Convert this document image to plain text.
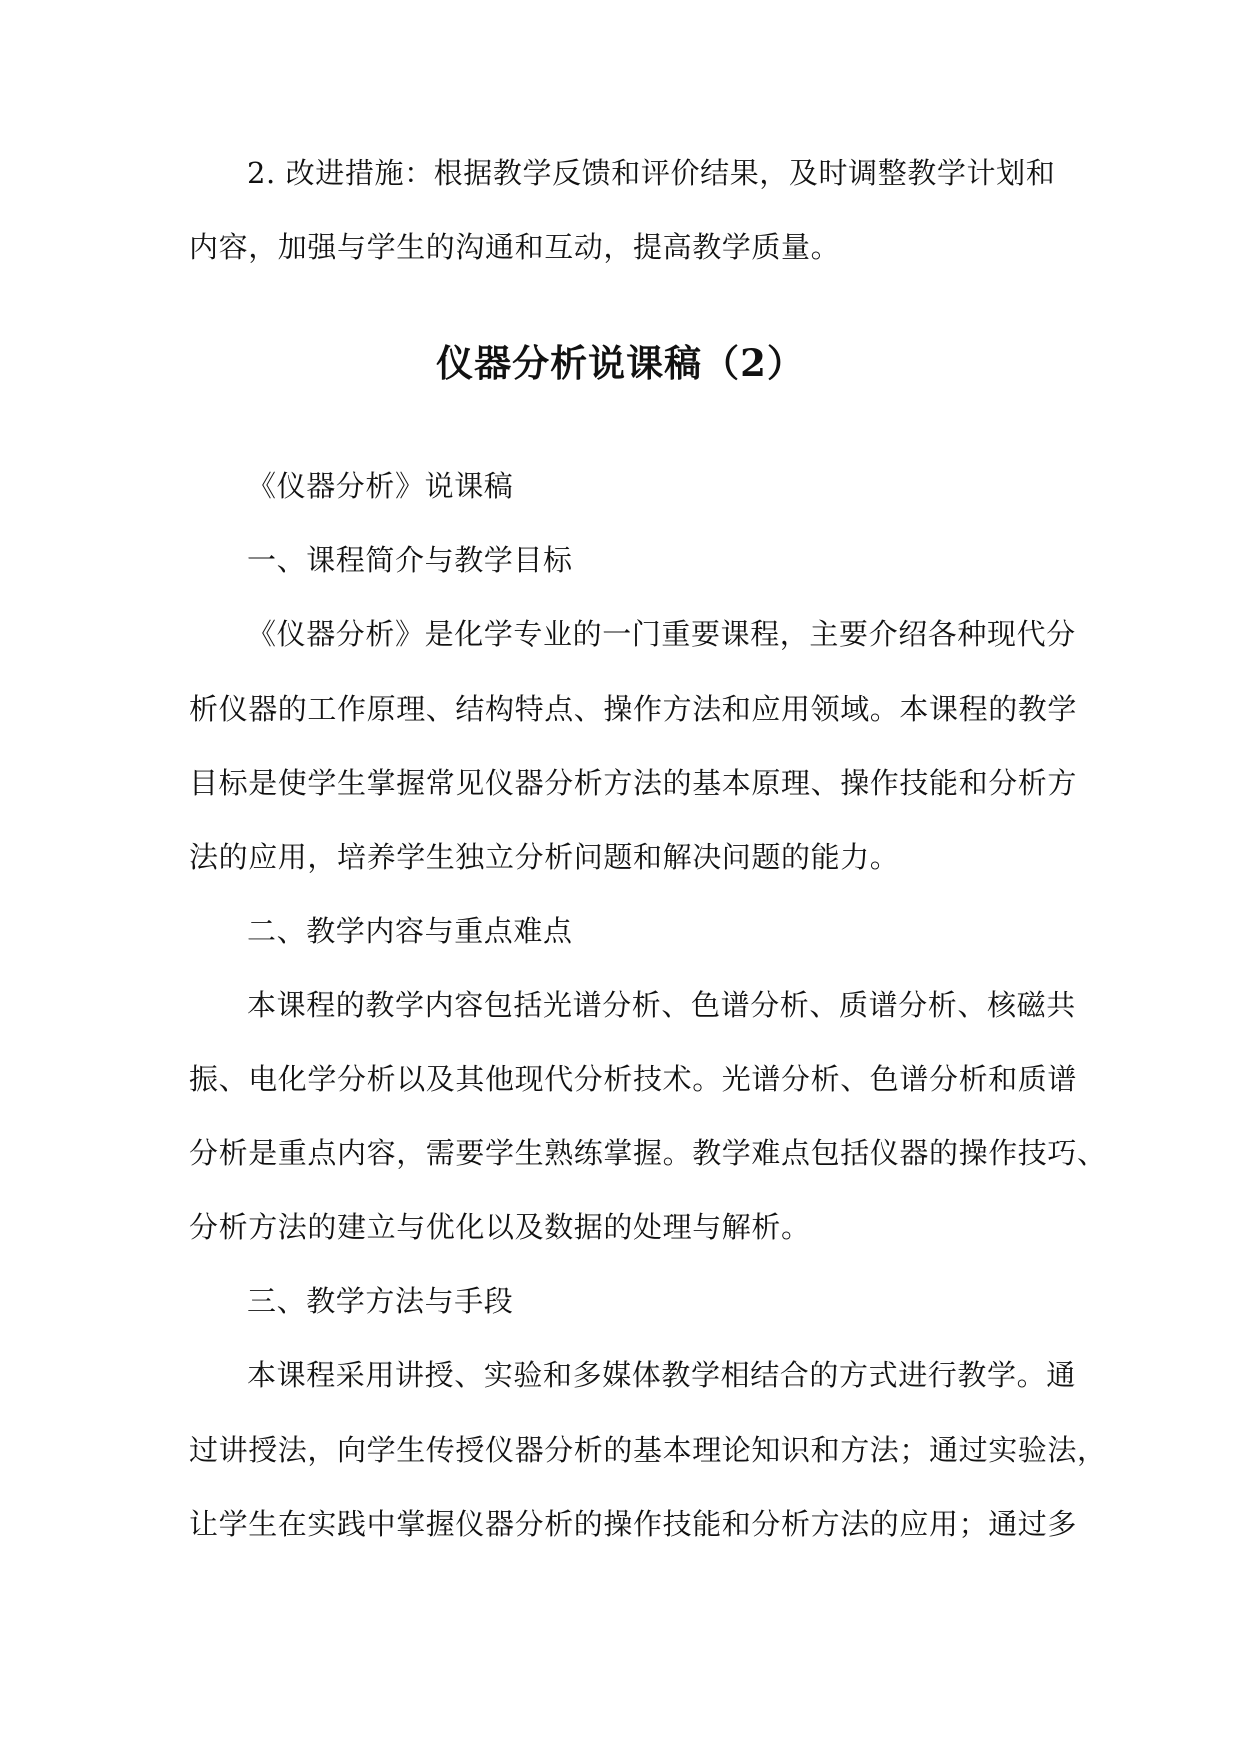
2. 改进措施：根据教学反馈和评价结果，及时调整教学计划和
内容，加强与学生的沟通和互动，提高教学质量。
仪器分析说课稿（2）
《仪器分析》说课稿
一、课程简介与教学目标
《仪器分析》是化学专业的一门重要课程，主要介绍各种现代分
析仪器的工作原理、结构特点、操作方法和应用领域。本课程的教学
目标是使学生掌握常见仪器分析方法的基本原理、操作技能和分析方
法的应用，培养学生独立分析问题和解决问题的能力。
二、教学内容与重点难点
本课程的教学内容包括光谱分析、色谱分析、质谱分析、核磁共
振、电化学分析以及其他现代分析技术。光谱分析、色谱分析和质谱
分析是重点内容，需要学生熟练掌握。教学难点包括仪器的操作技巧、
分析方法的建立与优化以及数据的处理与解析。
三、教学方法与手段
本课程采用讲授、实验和多媒体教学相结合的方式进行教学。通
过讲授法，向学生传授仪器分析的基本理论知识和方法；通过实验法，
让学生在实践中掌握仪器分析的操作技能和分析方法的应用；通过多
